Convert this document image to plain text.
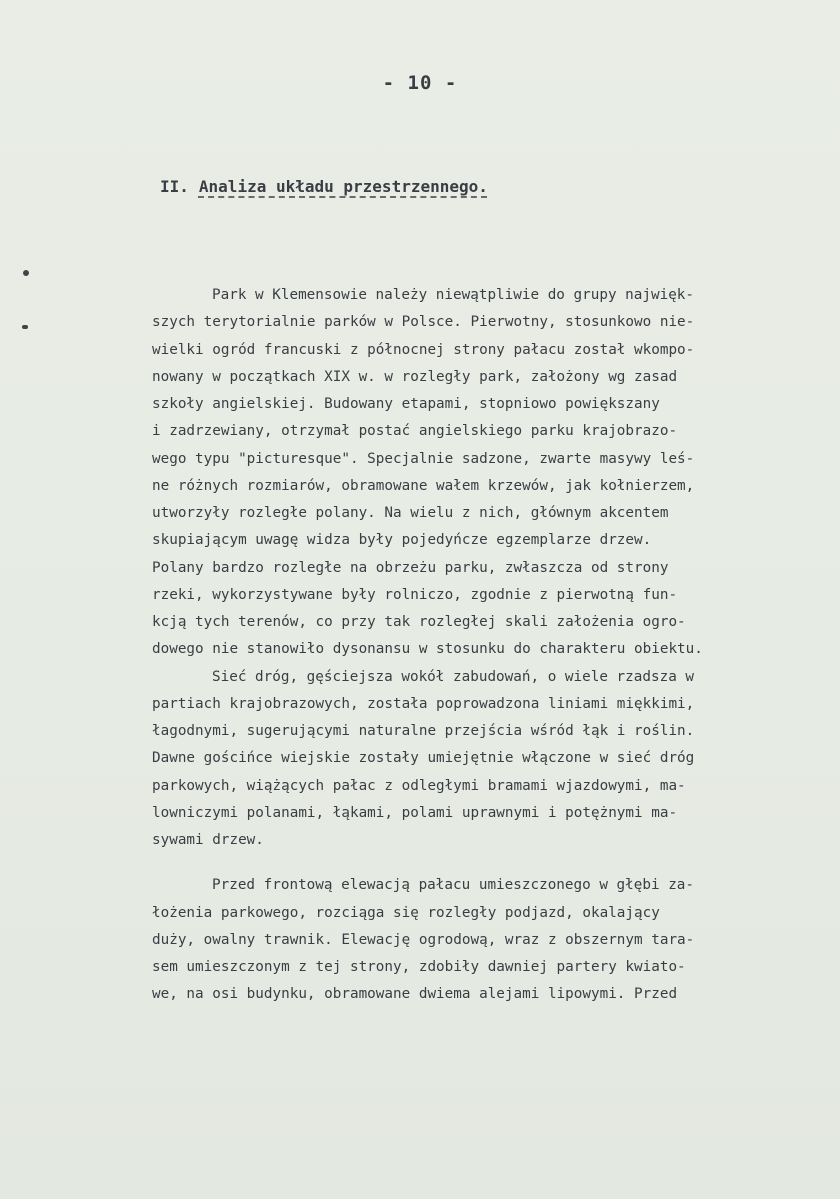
- 10 -
II. Analiza układu przestrzennego.
Park w Klemensowie należy niewątpliwie do grupy najwięk-
szych terytorialnie parków w Polsce. Pierwotny, stosunkowo nie-
wielki ogród francuski z północnej strony pałacu został wkompo-
nowany w początkach XIX w. w rozległy park, założony wg zasad
szkoły angielskiej. Budowany etapami, stopniowo powiększany
i zadrzewiany, otrzymał postać angielskiego parku krajobrazo-
wego typu "picturesque". Specjalnie sadzone, zwarte masywy leś-
ne różnych rozmiarów, obramowane wałem krzewów, jak kołnierzem,
utworzyły rozległe polany. Na wielu z nich, głównym akcentem
skupiającym uwagę widza były pojedyńcze egzemplarze drzew.
Polany bardzo rozległe na obrzeżu parku, zwłaszcza od strony
rzeki, wykorzystywane były rolniczo, zgodnie z pierwotną fun-
kcją tych terenów, co przy tak rozległej skali założenia ogro-
dowego nie stanowiło dysonansu w stosunku do charakteru obiektu.
Sieć dróg, gęściejsza wokół zabudowań, o wiele rzadsza w
partiach krajobrazowych, została poprowadzona liniami miękkimi,
łagodnymi, sugerującymi naturalne przejścia wśród łąk i roślin.
Dawne gościńce wiejskie zostały umiejętnie włączone w sieć dróg
parkowych, wiążących pałac z odległymi bramami wjazdowymi, ma-
lowniczymi polanami, łąkami, polami uprawnymi i potężnymi ma-
sywami drzew.
Przed frontową elewacją pałacu umieszczonego w głębi za-
łożenia parkowego, rozciąga się rozległy podjazd, okalający
duży, owalny trawnik. Elewację ogrodową, wraz z obszernym tara-
sem umieszczonym z tej strony, zdobiły dawniej partery kwiato-
we, na osi budynku, obramowane dwiema alejami lipowymi. Przed
